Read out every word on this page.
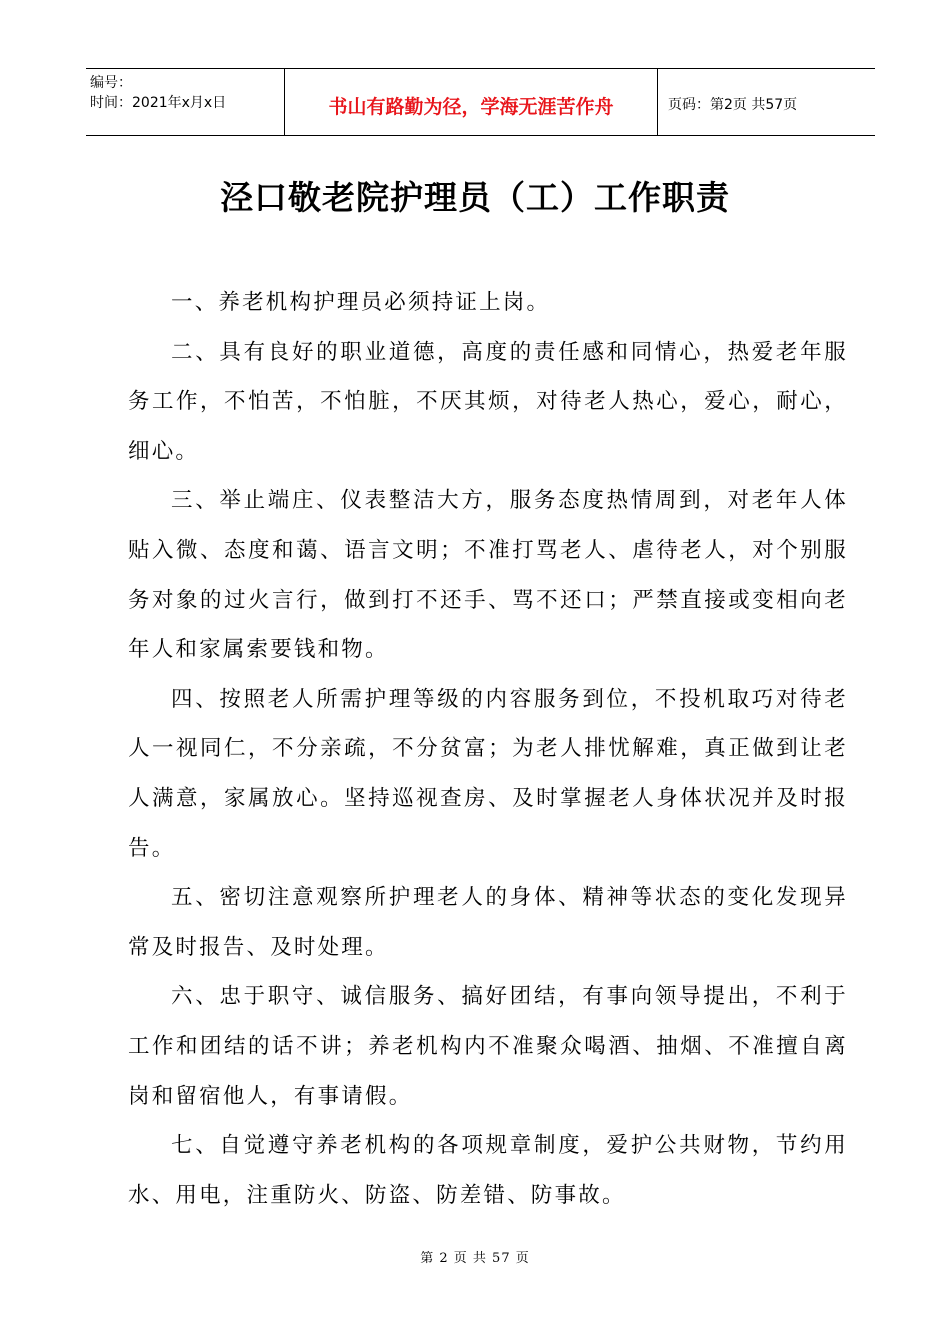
编号：
时间：2021年x月x日	书山有路勤为径，学海无涯苦作舟	页码：第2页 共57页
泾口敬老院护理员（工）工作职责

一、养老机构护理员必须持证上岗。

二、具有良好的职业道德，高度的责任感和同情心，热爱老年服务工作，不怕苦，不怕脏，不厌其烦，对待老人热心，爱心，耐心，细心。

三、举止端庄、仪表整洁大方，服务态度热情周到，对老年人体贴入微、态度和蔼、语言文明；不准打骂老人、虐待老人，对个别服务对象的过火言行，做到打不还手、骂不还口；严禁直接或变相向老年人和家属索要钱和物。

四、按照老人所需护理等级的内容服务到位，不投机取巧对待老人一视同仁，不分亲疏，不分贫富；为老人排忧解难，真正做到让老人满意，家属放心。坚持巡视查房、及时掌握老人身体状况并及时报告。

五、密切注意观察所护理老人的身体、精神等状态的变化发现异常及时报告、及时处理。

六、忠于职守、诚信服务、搞好团结，有事向领导提出，不利于工作和团结的话不讲；养老机构内不准聚众喝酒、抽烟、不准擅自离岗和留宿他人，有事请假。

七、自觉遵守养老机构的各项规章制度，爱护公共财物，节约用水、用电，注重防火、防盗、防差错、防事故。

第 2 页 共 57 页
